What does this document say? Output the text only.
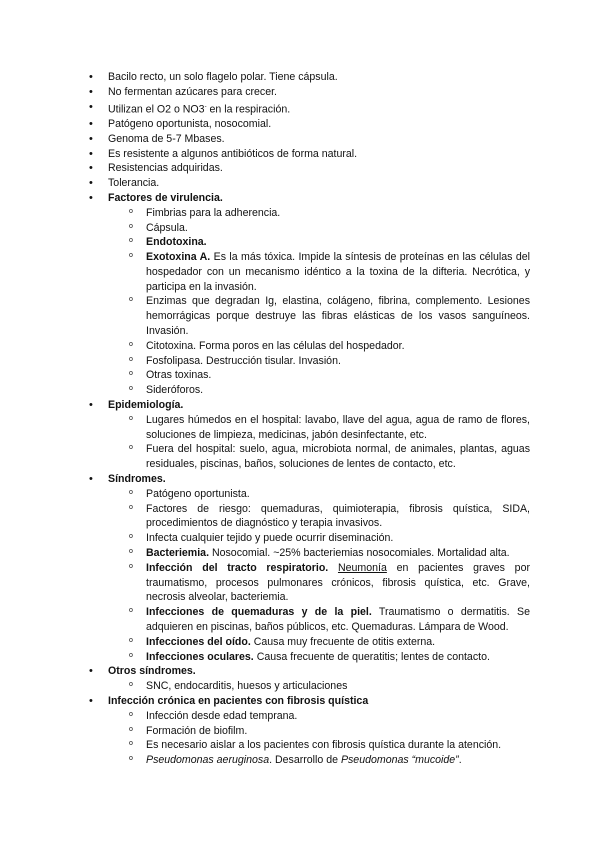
• Bacilo recto, un solo flagelo polar. Tiene cápsula.
• No fermentan azúcares para crecer.
• Utilizan el O2 o NO3- en la respiración.
• Patógeno oportunista, nosocomial.
• Genoma de 5-7 Mbases.
• Es resistente a algunos antibióticos de forma natural.
• Resistencias adquiridas.
• Tolerancia.
• Factores de virulencia.
o Fimbrias para la adherencia.
o Cápsula.
o Endotoxina.
o Exotoxina A. Es la más tóxica. Impide la síntesis de proteínas en las células del hospedador con un mecanismo idéntico a la toxina de la difteria. Necrótica, y participa en la invasión.
o Enzimas que degradan Ig, elastina, colágeno, fibrina, complemento. Lesiones hemorrágicas porque destruye las fibras elásticas de los vasos sanguíneos. Invasión.
o Citotoxina. Forma poros en las células del hospedador.
o Fosfolipasa. Destrucción tisular. Invasión.
o Otras toxinas.
o Sideróforos.
• Epidemiología.
o Lugares húmedos en el hospital: lavabo, llave del agua, agua de ramo de flores, soluciones de limpieza, medicinas, jabón desinfectante, etc.
o Fuera del hospital: suelo, agua, microbiota normal, de animales, plantas, aguas residuales, piscinas, baños, soluciones de lentes de contacto, etc.
• Síndromes.
o Patógeno oportunista.
o Factores de riesgo: quemaduras, quimioterapia, fibrosis quística, SIDA, procedimientos de diagnóstico y terapia invasivos.
o Infecta cualquier tejido y puede ocurrir diseminación.
o Bacteriemia. Nosocomial. ~25% bacteriemias nosocomiales. Mortalidad alta.
o Infección del tracto respiratorio. Neumonía en pacientes graves por traumatismo, procesos pulmonares crónicos, fibrosis quística, etc. Grave, necrosis alveolar, bacteriemia.
o Infecciones de quemaduras y de la piel. Traumatismo o dermatitis. Se adquieren en piscinas, baños públicos, etc. Quemaduras. Lámpara de Wood.
o Infecciones del oído. Causa muy frecuente de otitis externa.
o Infecciones oculares. Causa frecuente de queratitis; lentes de contacto.
• Otros síndromes.
o SNC, endocarditis, huesos y articulaciones
• Infección crónica en pacientes con fibrosis quística
o Infección desde edad temprana.
o Formación de biofilm.
o Es necesario aislar a los pacientes con fibrosis quística durante la atención.
o Pseudomonas aeruginosa. Desarrollo de Pseudomonas “mucoide”.
